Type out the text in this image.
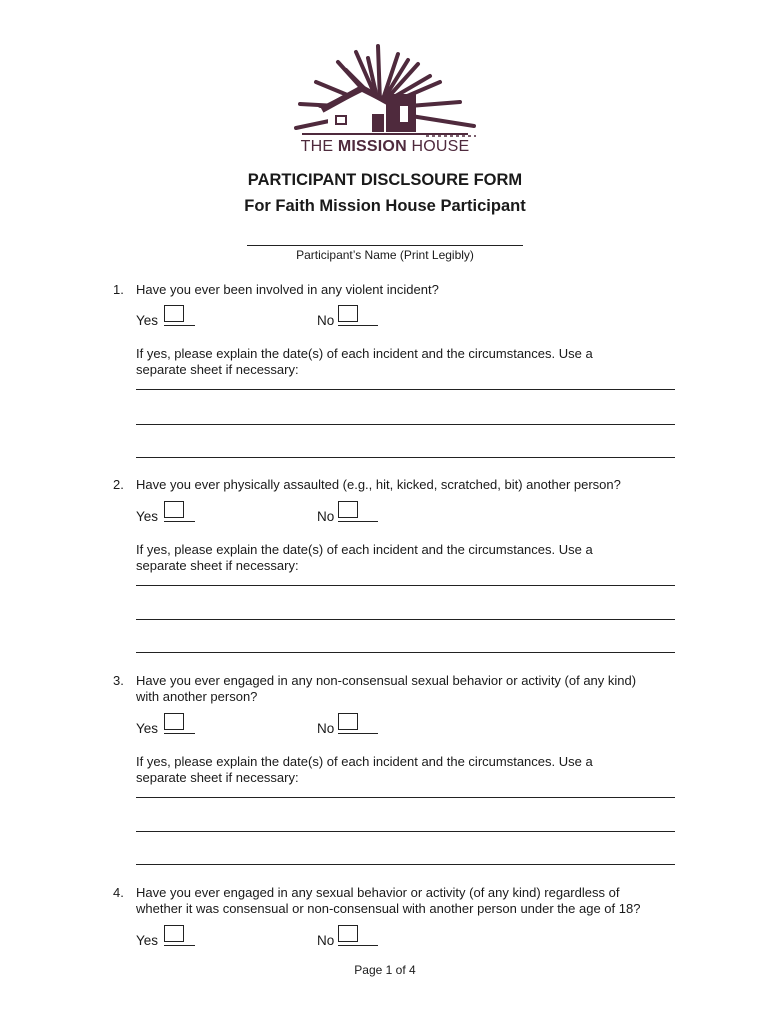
THE MISSION HOUSE
PARTICIPANT DISCLSOURE FORM
For Faith Mission House Participant
Participant’s Name (Print Legibly)
1. Have you ever been involved in any violent incident?
Yes	No
If yes, please explain the date(s) of each incident and the circumstances. Use a
separate sheet if necessary:
2. Have you ever physically assaulted (e.g., hit, kicked, scratched, bit) another person?
Yes	No
If yes, please explain the date(s) of each incident and the circumstances. Use a
separate sheet if necessary:
3. Have you ever engaged in any non-consensual sexual behavior or activity (of any kind)
with another person?
Yes	No
If yes, please explain the date(s) of each incident and the circumstances. Use a
separate sheet if necessary:
4. Have you ever engaged in any sexual behavior or activity (of any kind) regardless of
whether it was consensual or non-consensual with another person under the age of 18?
Yes	No
Page 1 of 4
